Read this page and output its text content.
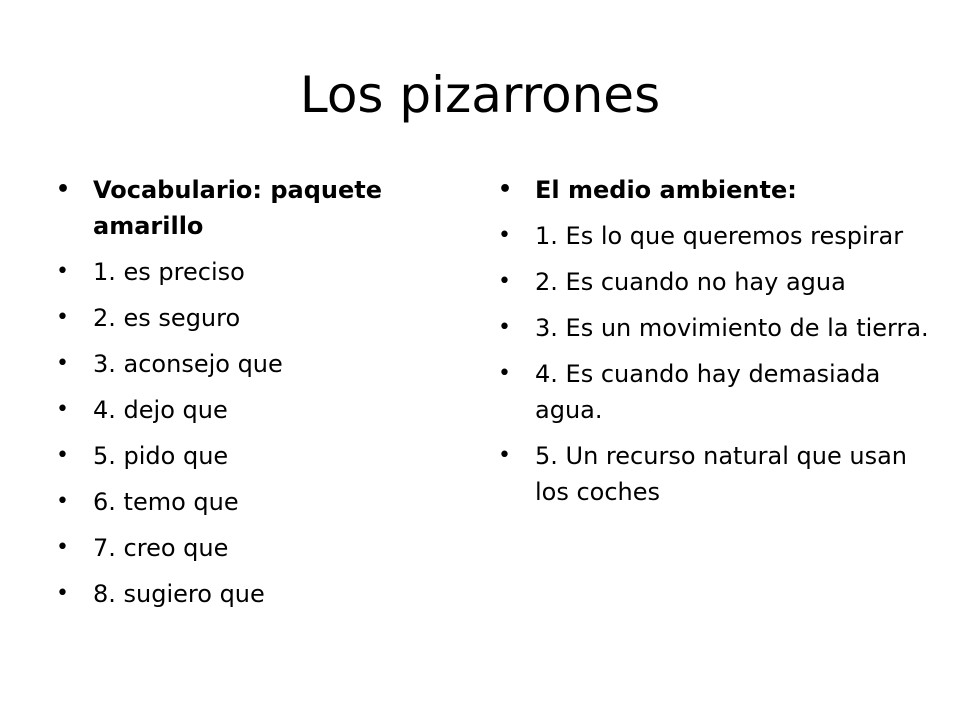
Los pizarrones
• Vocabulario: paquete amarillo
• 1. es preciso
• 2. es seguro
• 3. aconsejo que
• 4. dejo que
• 5. pido que
• 6. temo que
• 7. creo que
• 8. sugiero que
• El medio ambiente:
• 1. Es lo que queremos respirar
• 2. Es cuando no hay agua
• 3. Es un movimiento de la tierra.
• 4. Es cuando hay demasiada agua.
• 5. Un recurso natural que usan los coches
